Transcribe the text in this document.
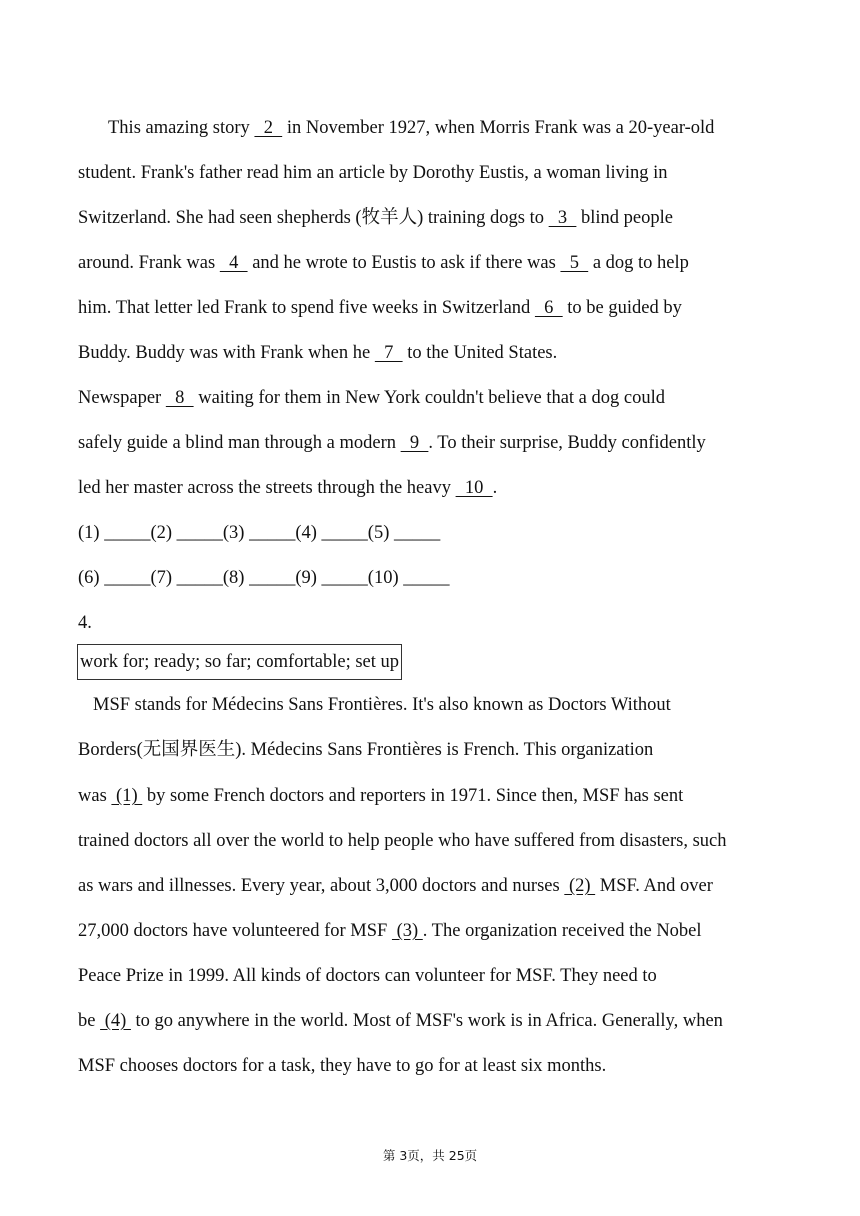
This amazing story   2   in November 1927, when Morris Frank was a 20-year-old
student. Frank's father read him an article by Dorothy Eustis, a woman living in
Switzerland. She had seen shepherds (牧羊人) training dogs to   3   blind people
around. Frank was   4   and he wrote to Eustis to ask if there was   5   a dog to help
him. That letter led Frank to spend five weeks in Switzerland   6   to be guided by
Buddy. Buddy was with Frank when he   7   to the United States.
Newspaper   8   waiting for them in New York couldn't believe that a dog could
safely guide a blind man through a modern   9  . To their surprise, Buddy confidently
led her master across the streets through the heavy   10  .
(1) _____(2) _____(3) _____(4) _____(5) _____
(6) _____(7) _____(8) _____(9) _____(10) _____
4.
work for; ready; so far; comfortable; set up
MSF stands for Médecins Sans Frontières. It's also known as Doctors Without
Borders(无国界医生). Médecins Sans Frontières is French. This organization
was  (1)  by some French doctors and reporters in 1971. Since then, MSF has sent
trained doctors all over the world to help people who have suffered from disasters, such
as wars and illnesses. Every year, about 3,000 doctors and nurses  (2)  MSF. And over
27,000 doctors have volunteered for MSF  (3) . The organization received the Nobel
Peace Prize in 1999. All kinds of doctors can volunteer for MSF. They need to
be  (4)  to go anywhere in the world. Most of MSF's work is in Africa. Generally, when
MSF chooses doctors for a task, they have to go for at least six months.
第 3页，共 25页
